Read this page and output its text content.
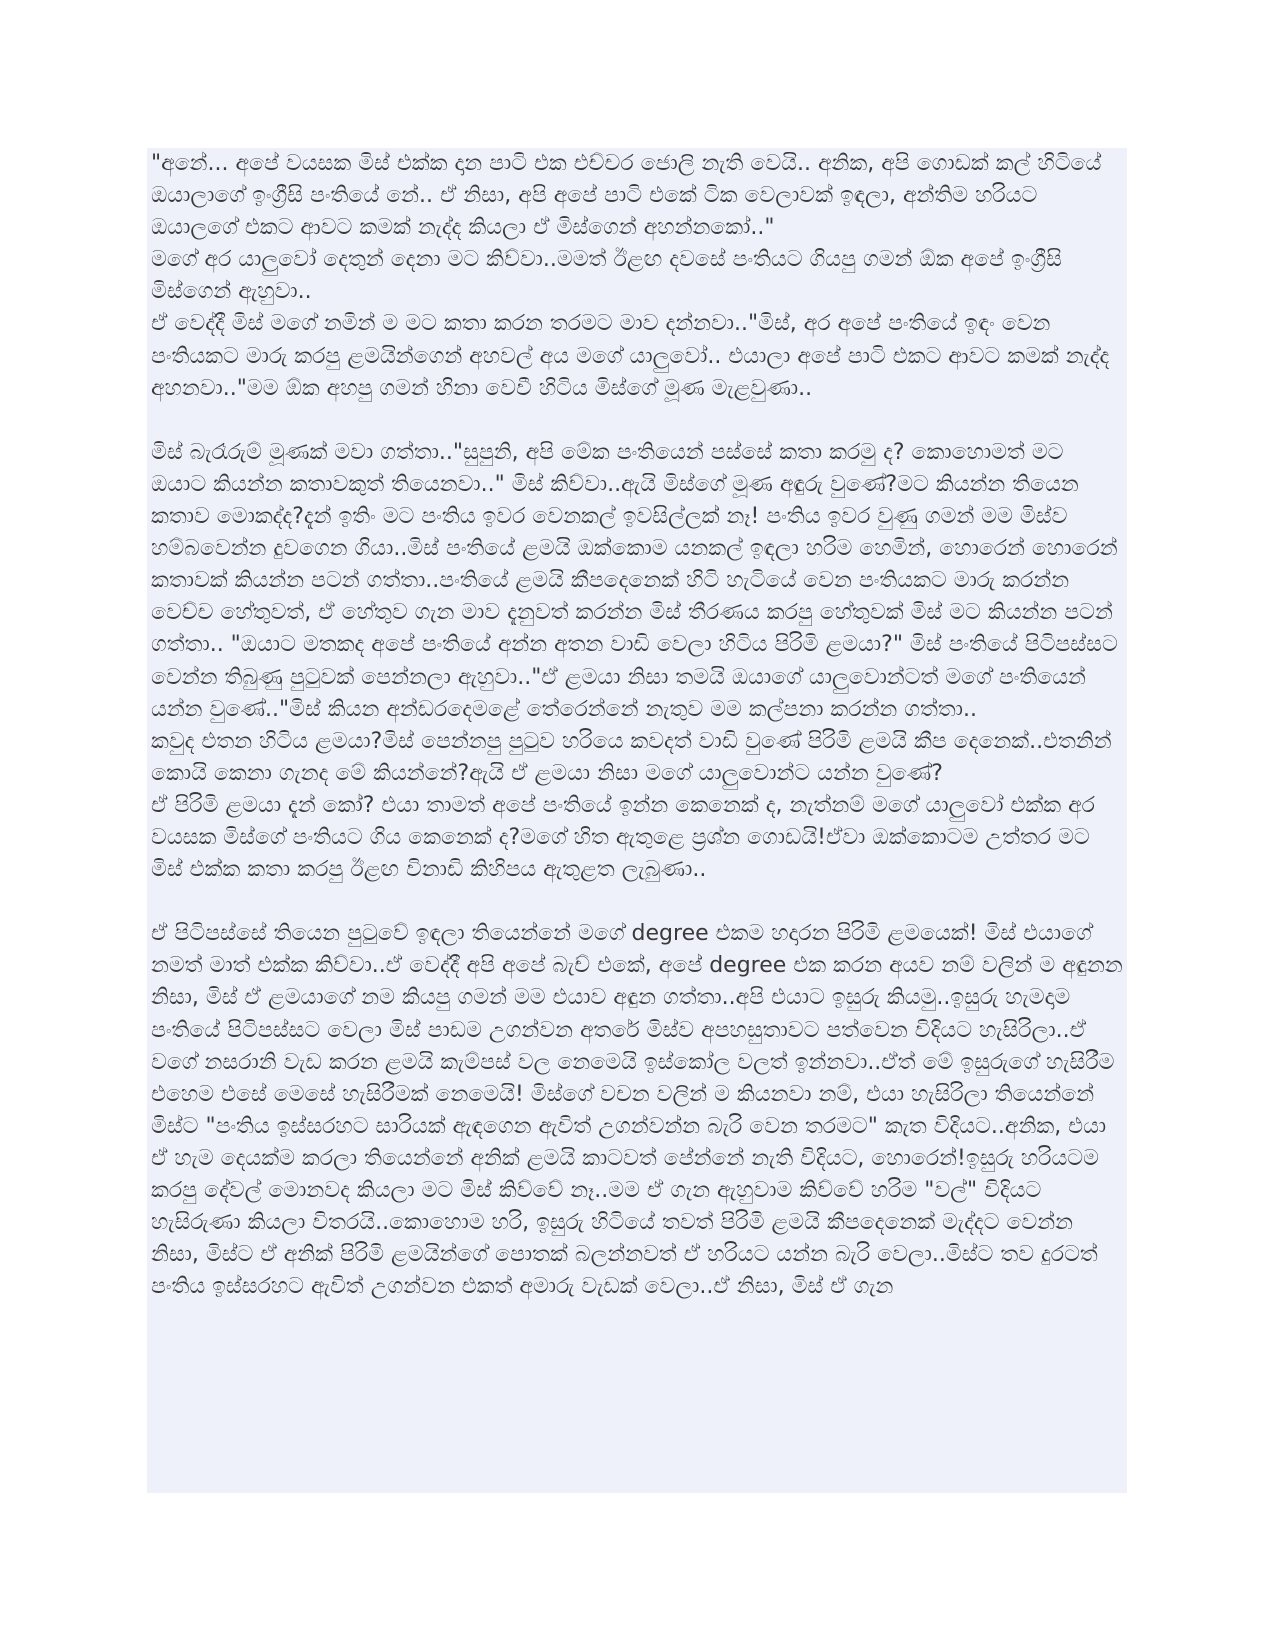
"අනේ... අපේ වයසක මිස් එක්ක දාන පාටි එක එච්චර ජොලි නැති වෙයි.. අනික, අපි ගොඩක් කල් හිටියේ ඔයාලාගේ ඉංග්‍රීසි පංතියේ නේ.. ඒ නිසා, අපි අපේ පාටි එකේ ටික වෙලාවක් ඉඳලා, අන්තිම හරියට ඔයාලගේ එකට ආවට කමක් නැද්ද කියලා ඒ මිස්ගෙන් අහන්නකෝ.."

මගේ අර යාලුවෝ දෙතුන් දෙනා මට කිව්වා..මමත් ඊළඟ දවසේ පංතියට ගියපු ගමන් ඕක අපේ ඉංග්‍රීසි මිස්ගෙන් ඇහුවා..

ඒ වෙද්දී මිස් මගේ නමින් ම මට කතා කරන තරමට මාව දන්නවා.."මිස්, අර අපේ පංතියේ ඉඳං වෙන පංතියකට මාරු කරපු ළමයින්ගෙන් අහවල් අය මගේ යාලුවෝ.. එයාලා අපේ පාටි එකට ආවට කමක් නැද්ද අහනවා.."මම ඕක අහපු ගමන් හිනා වෙවී හිටිය මිස්ගේ මූණ මැළවුණා..

මිස් බැරෑරුම් මූණක් මවා ගත්තා.."සුපුනි, අපි මේක පංතියෙන් පස්සේ කතා කරමු ද? කොහොමත් මට ඔයාට කියන්න කතාවකුත් තියෙනවා.." මිස් කිව්වා..ඇයි මිස්ගේ මූණ අඳුරු වුණේ?මට කියන්න තියෙන කතාව මොකද්ද?දැන් ඉතිං මට පංතිය ඉවර වෙනකල් ඉවසිල්ලක් නෑ! පංතිය ඉවර වුණු ගමන් මම මිස්ව හම්බවෙන්න දුවගෙන ගියා..මිස් පංතියේ ළමයි ඔක්කොම යනකල් ඉඳලා හරිම හෙමින්, හොරෙන් හොරෙන් කතාවක් කියන්න පටන් ගත්තා..පංතියේ ළමයි කීපදෙනෙක් හිටි හැටියේ වෙන පංතියකට මාරු කරන්න වෙච්ච හේතුවත්, ඒ හේතුව ගැන මාව දැනුවත් කරන්න මිස් තීරණය කරපු හේතුවක් මිස් මට කියන්න පටන් ගත්තා.. "ඔයාට මතකද අපේ පංතියේ අන්න අතන වාඩි වෙලා හිටිය පිරිමි ළමයා?" මිස් පංතියේ පිටිපස්සට වෙන්න තිබුණු පුටුවක් පෙන්නලා ඇහුවා.."ඒ ළමයා නිසා තමයි ඔයාගේ යාලුවොන්ටත් මගේ පංතියෙන් යන්න වුණේ.."මිස් කියන අන්ඩරදෙමළේ තේරෙන්නේ නැතුව මම කල්පනා කරන්න ගත්තා..

කවුද එතන හිටිය ළමයා?මිස් පෙන්නපු පුටුව හරියෙ කවදත් වාඩි වුණේ පිරිමි ළමයි කීප දෙනෙක්..එතනින් කොයි කෙනා ගැනද මේ කියන්නේ?ඇයි ඒ ළමයා නිසා මගේ යාලුවොන්ට යන්න වුණේ?

ඒ පිරිමි ළමයා දැන් කෝ? එයා තාමත් අපේ පංතියේ ඉන්න කෙනෙක් ද, නැත්නම් මගේ යාලුවෝ එක්ක අර වයසක මිස්ගේ පංතියට ගිය කෙනෙක් ද?මගේ හිත ඇතුළෙ ප්‍රශ්න ගොඩයි!ඒවා ඔක්කොටම උත්තර මට මිස් එක්ක කතා කරපු ඊළඟ විනාඩි කිහිපය ඇතුළත ලැබුණා..

ඒ පිටිපස්සේ තියෙන පුටුවේ ඉඳලා තියෙන්නේ මගේ degree එකම හදාරන පිරිමි ළමයෙක්! මිස් එයාගේ නමත් මාත් එක්ක කිව්වා..ඒ වෙද්දී අපි අපේ බැච් එකේ, අපේ degree එක කරන අයව නම් වලින් ම අඳුනන නිසා, මිස් ඒ ළමයාගේ නම කියපු ගමන් මම එයාව අඳුන ගත්තා..අපි එයාට ඉසුරු කියමු..ඉසුරු හැමදාම පංතියේ පිටිපස්සට වෙලා මිස් පාඩම උගන්වන අතරේ මිස්ව අපහසුතාවට පත්වෙන විදියට හැසිරිලා..ඒ වගේ නසරානි වැඩ කරන ළමයි කැම්පස් වල නෙමෙයි ඉස්කෝල වලත් ඉන්නවා..ඒත් මේ ඉසුරුගේ හැසිරීම එහෙම එසේ මෙසේ හැසිරීමක් නෙමෙයි! මිස්ගේ වචන වලින් ම කියනවා නම්, එයා හැසිරිලා තියෙන්නේ මිස්ට "පංතිය ඉස්සරහට සාරියක් ඇඳගෙන ඇවිත් උගන්වන්න බැරි වෙන තරමට" කැත විදියට..අනික, එයා ඒ හැම දෙයක්ම කරලා තියෙන්නේ අනික් ළමයි කාටවත් පේන්නේ නැති විදියට, හොරෙන්!ඉසුරු හරියටම කරපු දේවල් මොනවද කියලා මට මිස් කිව්වේ නෑ..මම ඒ ගැන ඇහුවාම කිව්වේ හරිම "වල්" විදියට හැසිරුණා කියලා විතරයි..කොහොම හරි, ඉසුරු හිටියේ තවත් පිරිමි ළමයි කීපදෙනෙක් මැද්දට වෙන්න නිසා, මිස්ට ඒ අනික් පිරිමි ළමයින්ගේ පොතක් බලන්නවත් ඒ හරියට යන්න බැරි වෙලා..මිස්ට තව දුරටත් පංතිය ඉස්සරහට ඇවිත් උගන්වන එකත් අමාරු වැඩක් වෙලා..ඒ නිසා, මිස් ඒ ගැන
